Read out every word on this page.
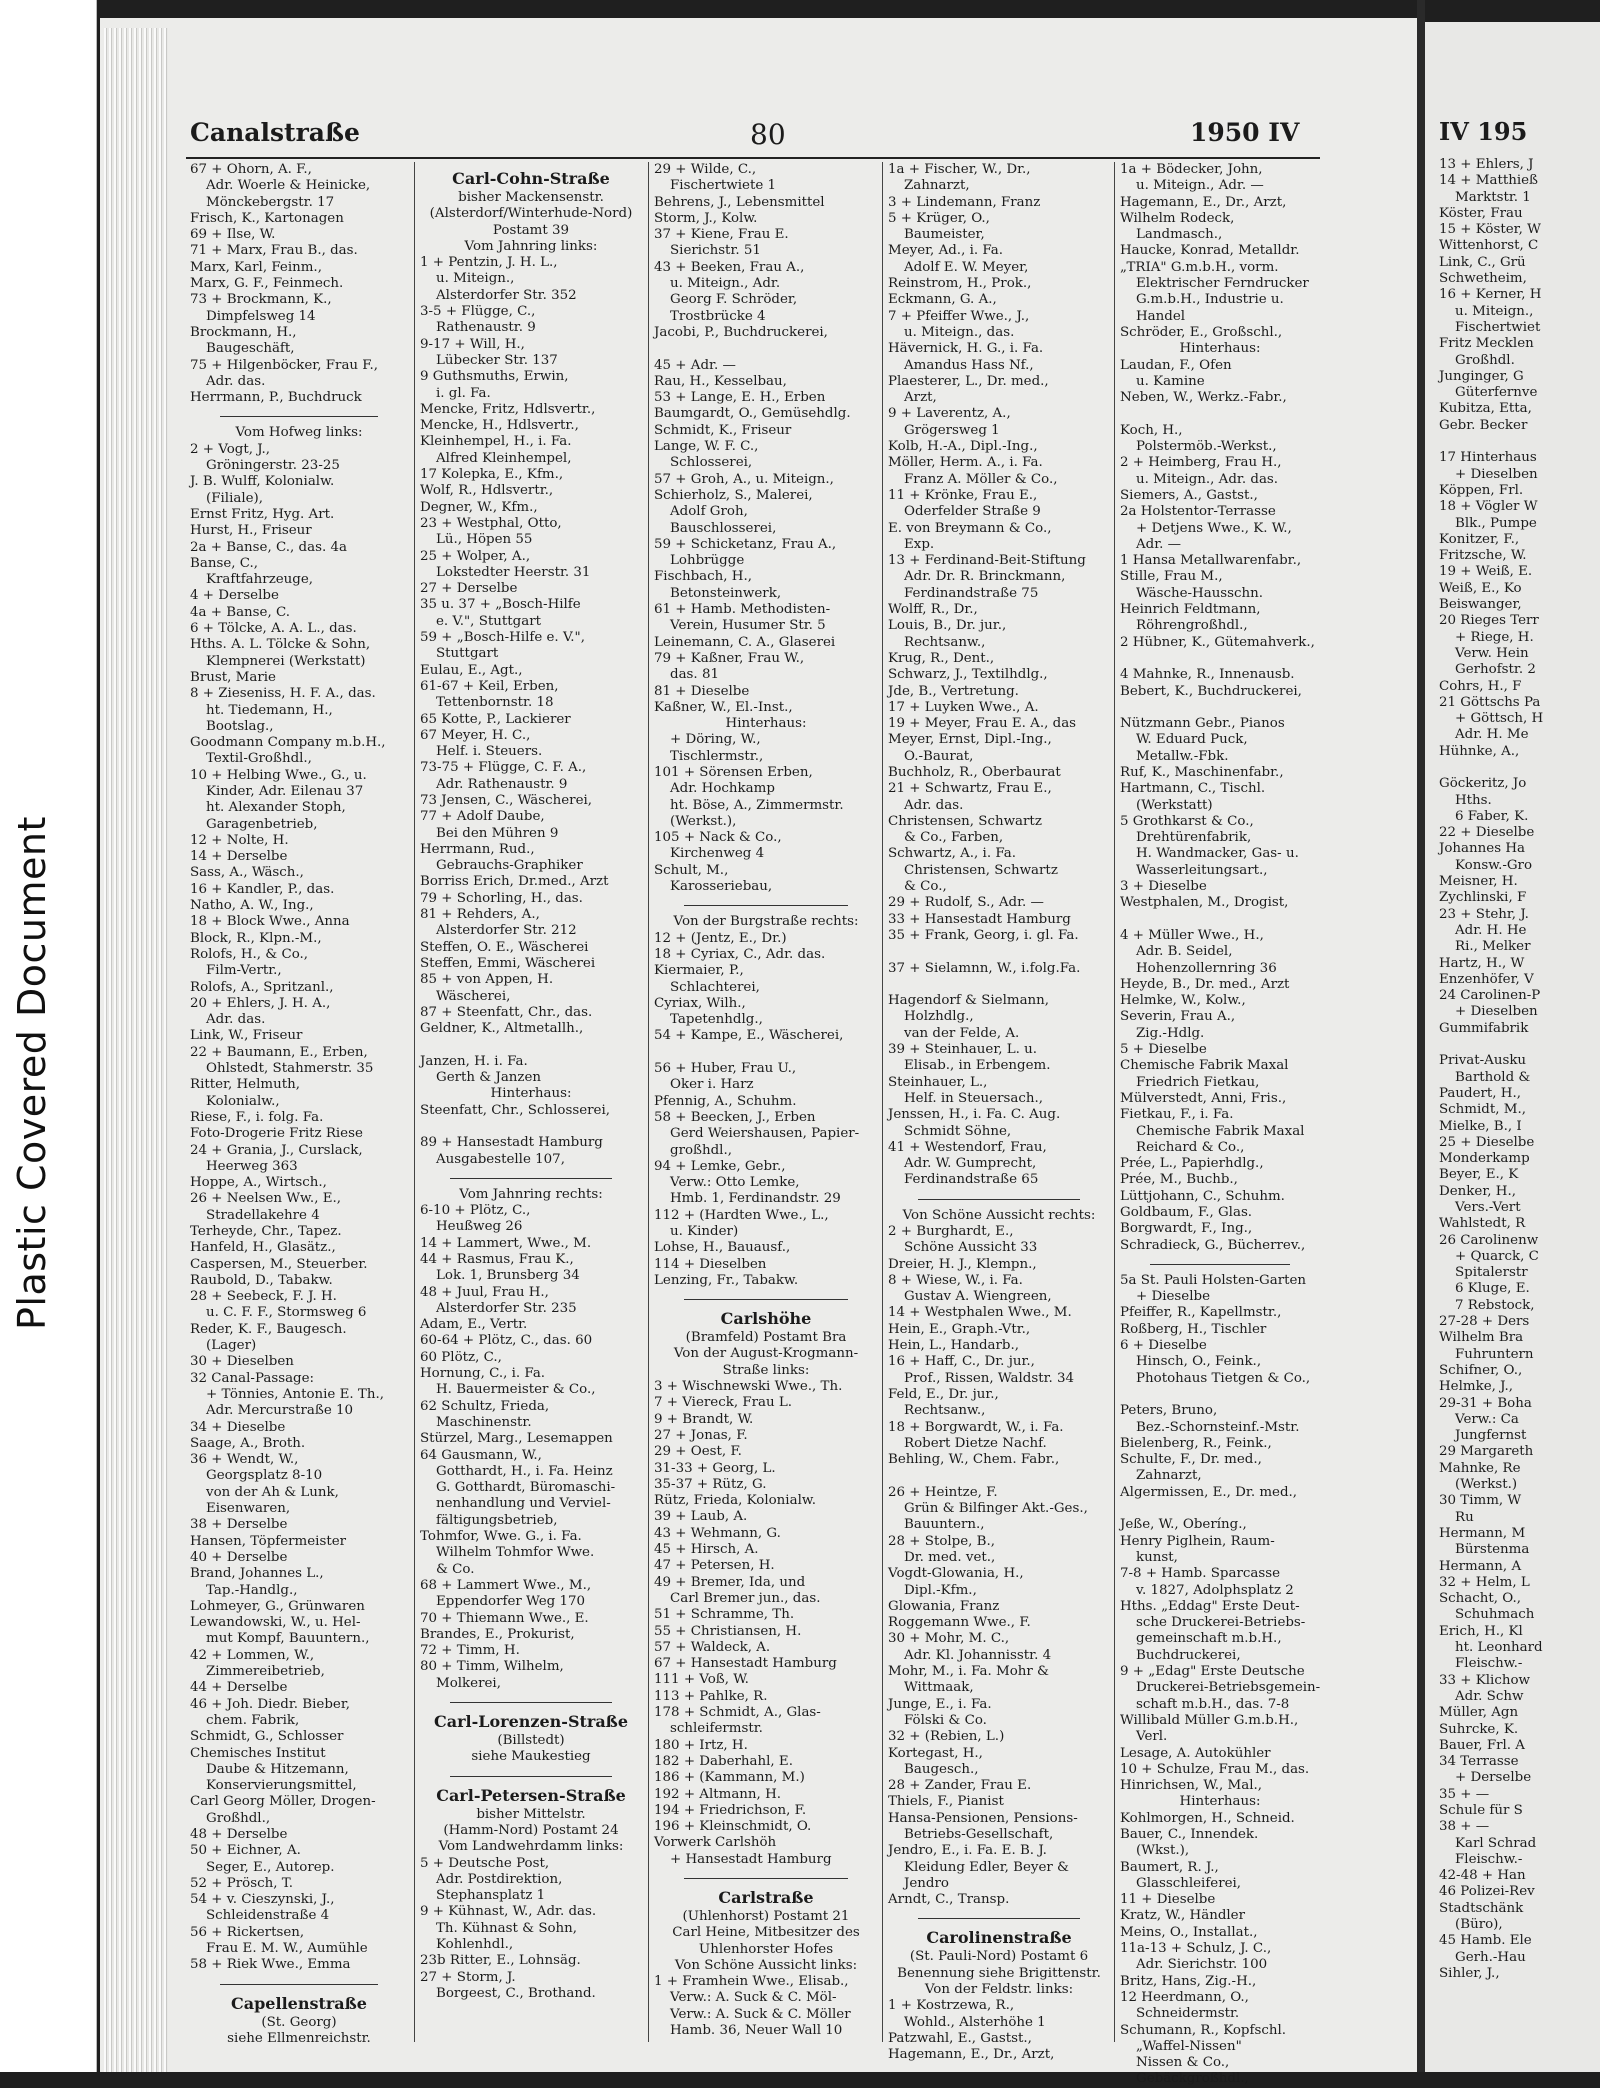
Plastic Covered Document
IV 195
13 + Ehlers, J
14 + Matthieß
Marktstr. 1
Köster, Frau
15 + Köster, W
Wittenhorst, C
Link, C., Grü
Schwetheim,
16 + Kerner, H
u. Miteign.,
Fischertwiet
Fritz Mecklen
Großhdl.
Junginger, G
Güterfernve
Kubitza, Etta,
Gebr. Becker

17 Hinterhaus
+ Dieselben
Köppen, Frl.
18 + Vögler W
Blk., Pumpe
Konitzer, F.,
Fritzsche, W.
19 + Weiß, E.
Weiß, E., Ko
Beiswanger,
20 Rieges Terr
+ Riege, H.
Verw. Hein
Gerhofstr. 2
Cohrs, H., F
21 Göttschs Pa
+ Göttsch, H
Adr. H. Me
Hühnke, A.,

Göckeritz, Jo
Hths.
6 Faber, K.
22 + Dieselbe
Johannes Ha
Konsw.-Gro
Meisner, H.
Zychlinski, F
23 + Stehr, J.
Adr. H. He
Ri., Melker
Hartz, H., W
Enzenhöfer, V
24 Carolinen-P
+ Dieselben
Gummifabrik

Privat-Ausku
Barthold &
Paudert, H.,
Schmidt, M.,
Mielke, B., I
25 + Dieselbe
Monderkamp
Beyer, E., K
Denker, H.,
Vers.-Vert
Wahlstedt, R
26 Carolinenw
+ Quarck, C
Spitalerstr
6 Kluge, E.
7 Rebstock,
27-28 + Ders
Wilhelm Bra
Fuhruntern
Schifner, O.,
Helmke, J.,
29-31 + Boha
Verw.: Ca
Jungfernst
29 Margareth
Mahnke, Re
(Werkst.)
30 Timm, W
Ru
Hermann, M
Bürstenma
Hermann, A
32 + Helm, L
Schacht, O.,
Schuhmach
Erich, H., Kl
ht. Leonhard
Fleischw.-
33 + Klichow
Adr. Schw
Müller, Agn
Suhrcke, K.
Bauer, Frl. A
34 Terrasse
+ Derselbe
35 + —
Schule für S
38 + —
Karl Schrad
Fleischw.-
42-48 + Han
46 Polizei-Rev
Stadtschänk
(Büro),
45 Hamb. Ele
Gerh.-Hau
Sihler, J.,
Canalstraße	80	1950 IV
67 + Ohorn, A. F.,
Adr. Woerle & Heinicke,
Mönckebergstr. 17
Frisch, K., Kartonagen
69 + Ilse, W.
71 + Marx, Frau B., das.
Marx, Karl, Feinm.,
Marx, G. F., Feinmech.
73 + Brockmann, K.,
Dimpfelsweg 14
Brockmann, H.,
Baugeschäft,
75 + Hilgenböcker, Frau F.,
Adr. das.
Herrmann, P., Buchdruck
Vom Hofweg links:
2 + Vogt, J.,
Gröningerstr. 23-25
J. B. Wulff, Kolonialw.
(Filiale),
Ernst Fritz, Hyg. Art.
Hurst, H., Friseur
2a + Banse, C., das. 4a
Banse, C.,
Kraftfahrzeuge,
4 + Derselbe
4a + Banse, C.
6 + Tölcke, A. A. L., das.
Hths. A. L. Tölcke & Sohn,
Klempnerei (Werkstatt)
Brust, Marie
8 + Zieseniss, H. F. A., das.
ht. Tiedemann, H.,
Bootslag.,
Goodmann Company m.b.H.,
Textil-Großhdl.,
10 + Helbing Wwe., G., u.
Kinder, Adr. Eilenau 37
ht. Alexander Stoph,
Garagenbetrieb,
12 + Nolte, H.
14 + Derselbe
Sass, A., Wäsch.,
16 + Kandler, P., das.
Natho, A. W., Ing.,
18 + Block Wwe., Anna
Block, R., Klpn.-M.,
Rolofs, H., & Co.,
Film-Vertr.,
Rolofs, A., Spritzanl.,
20 + Ehlers, J. H. A.,
Adr. das.
Link, W., Friseur
22 + Baumann, E., Erben,
Ohlstedt, Stahmerstr. 35
Ritter, Helmuth,
Kolonialw.,
Riese, F., i. folg. Fa.
Foto-Drogerie Fritz Riese
24 + Grania, J., Curslack,
Heerweg 363
Hoppe, A., Wirtsch.,
26 + Neelsen Ww., E.,
Stradellakehre 4
Terheyde, Chr., Tapez.
Hanfeld, H., Glasätz.,
Caspersen, M., Steuerber.
Raubold, D., Tabakw.
28 + Seebeck, F. J. H.
u. C. F. F., Stormsweg 6
Reder, K. F., Baugesch.
(Lager)
30 + Dieselben
32 Canal-Passage:
+ Tönnies, Antonie E. Th.,
Adr. Mercurstraße 10
34 + Dieselbe
Saage, A., Broth.
36 + Wendt, W.,
Georgsplatz 8-10
von der Ah & Lunk,
Eisenwaren,
38 + Derselbe
Hansen, Töpfermeister
40 + Derselbe
Brand, Johannes L.,
Tap.-Handlg.,
Lohmeyer, G., Grünwaren
Lewandowski, W., u. Hel-
mut Kompf, Bauuntern.,
42 + Lommen, W.,
Zimmereibetrieb,
44 + Derselbe
46 + Joh. Diedr. Bieber,
chem. Fabrik,
Schmidt, G., Schlosser
Chemisches Institut
Daube & Hitzemann,
Konservierungsmittel,
Carl Georg Möller, Drogen-
Großhdl.,
48 + Derselbe
50 + Eichner, A.
Seger, E., Autorep.
52 + Prösch, T.
54 + v. Cieszynski, J.,
Schleidenstraße 4
56 + Rickertsen,
Frau E. M. W., Aumühle
58 + Riek Wwe., Emma
Capellenstraße
(St. Georg)
siehe Ellmenreichstr.
Carl-Cohn-Straße
bisher Mackensenstr.
(Alsterdorf/Winterhude-Nord)
Postamt 39
Vom Jahnring links:
1 + Pentzin, J. H. L.,
u. Miteign.,
Alsterdorfer Str. 352
3-5 + Flügge, C.,
Rathenaustr. 9
9-17 + Will, H.,
Lübecker Str. 137
9 Guthsmuths, Erwin,
i. gl. Fa.
Mencke, Fritz, Hdlsvertr.,
Mencke, H., Hdlsvertr.,
Kleinhempel, H., i. Fa.
Alfred Kleinhempel,
17 Kolepka, E., Kfm.,
Wolf, R., Hdlsvertr.,
Degner, W., Kfm.,
23 + Westphal, Otto,
Lü., Höpen 55
25 + Wolper, A.,
Lokstedter Heerstr. 31
27 + Derselbe
35 u. 37 + „Bosch-Hilfe
e. V.", Stuttgart
59 + „Bosch-Hilfe e. V.",
Stuttgart
Eulau, E., Agt.,
61-67 + Keil, Erben,
Tettenbornstr. 18
65 Kotte, P., Lackierer
67 Meyer, H. C.,
Helf. i. Steuers.
73-75 + Flügge, C. F. A.,
Adr. Rathenaustr. 9
73 Jensen, C., Wäscherei,
77 + Adolf Daube,
Bei den Mühren 9
Herrmann, Rud.,
Gebrauchs-Graphiker
Borriss Erich, Dr.med., Arzt
79 + Schorling, H., das.
81 + Rehders, A.,
Alsterdorfer Str. 212
Steffen, O. E., Wäscherei
Steffen, Emmi, Wäscherei
85 + von Appen, H.
Wäscherei,
87 + Steenfatt, Chr., das.
Geldner, K., Altmetallh.,

Janzen, H. i. Fa.
Gerth & Janzen
Hinterhaus:
Steenfatt, Chr., Schlosserei,

89 + Hansestadt Hamburg
Ausgabestelle 107,
Vom Jahnring rechts:
6-10 + Plötz, C.,
Heußweg 26
14 + Lammert, Wwe., M.
44 + Rasmus, Frau K.,
Lok. 1, Brunsberg 34
48 + Juul, Frau H.,
Alsterdorfer Str. 235
Adam, E., Vertr.
60-64 + Plötz, C., das. 60
60 Plötz, C.,
Hornung, C., i. Fa.
H. Bauermeister & Co.,
62 Schultz, Frieda,
Maschinenstr.
Stürzel, Marg., Lesemappen
64 Gausmann, W.,
Gotthardt, H., i. Fa. Heinz
G. Gotthardt, Büromaschi-
nenhandlung und Verviel-
fältigungsbetrieb,
Tohmfor, Wwe. G., i. Fa.
Wilhelm Tohmfor Wwe.
& Co.
68 + Lammert Wwe., M.,
Eppendorfer Weg 170
70 + Thiemann Wwe., E.
Brandes, E., Prokurist,
72 + Timm, H.
80 + Timm, Wilhelm,
Molkerei,
Carl-Lorenzen-Straße
(Billstedt)
siehe Maukestieg
Carl-Petersen-Straße
bisher Mittelstr.
(Hamm-Nord) Postamt 24
Vom Landwehrdamm links:
5 + Deutsche Post,
Adr. Postdirektion,
Stephansplatz 1
9 + Kühnast, W., Adr. das.
Th. Kühnast & Sohn,
Kohlenhdl.,
23b Ritter, E., Lohnsäg.
27 + Storm, J.
Borgeest, C., Brothand.
29 + Wilde, C.,
Fischertwiete 1
Behrens, J., Lebensmittel
Storm, J., Kolw.
37 + Kiene, Frau E.
Sierichstr. 51
43 + Beeken, Frau A.,
u. Miteign., Adr.
Georg F. Schröder,
Trostbrücke 4
Jacobi, P., Buchdruckerei,

45 + Adr. —
Rau, H., Kesselbau,
53 + Lange, E. H., Erben
Baumgardt, O., Gemüsehdlg.
Schmidt, K., Friseur
Lange, W. F. C.,
Schlosserei,
57 + Groh, A., u. Miteign.,
Schierholz, S., Malerei,
Adolf Groh,
Bauschlosserei,
59 + Schicketanz, Frau A.,
Lohbrügge
Fischbach, H.,
Betonsteinwerk,
61 + Hamb. Methodisten-
Verein, Husumer Str. 5
Leinemann, C. A., Glaserei
79 + Kaßner, Frau W.,
das. 81
81 + Dieselbe
Kaßner, W., El.-Inst.,
Hinterhaus:
+ Döring, W.,
Tischlermstr.,
101 + Sörensen Erben,
Adr. Hochkamp
ht. Böse, A., Zimmermstr.
(Werkst.),
105 + Nack & Co.,
Kirchenweg 4
Schult, M.,
Karosseriebau,
Von der Burgstraße rechts:
12 + (Jentz, E., Dr.)
18 + Cyriax, C., Adr. das.
Kiermaier, P.,
Schlachterei,
Cyriax, Wilh.,
Tapetenhdlg.,
54 + Kampe, E., Wäscherei,

56 + Huber, Frau U.,
Oker i. Harz
Pfennig, A., Schuhm.
58 + Beecken, J., Erben
Gerd Weiershausen, Papier-
großhdl.,
94 + Lemke, Gebr.,
Verw.: Otto Lemke,
Hmb. 1, Ferdinandstr. 29
112 + (Hardten Wwe., L.,
u. Kinder)
Lohse, H., Bauausf.,
114 + Dieselben
Lenzing, Fr., Tabakw.
Carlshöhe
(Bramfeld) Postamt Bra
Von der August-Krogmann-
Straße links:
3 + Wischnewski Wwe., Th.
7 + Viereck, Frau L.
9 + Brandt, W.
27 + Jonas, F.
29 + Oest, F.
31-33 + Georg, L.
35-37 + Rütz, G.
Rütz, Frieda, Kolonialw.
39 + Laub, A.
43 + Wehmann, G.
45 + Hirsch, A.
47 + Petersen, H.
49 + Bremer, Ida, und
Carl Bremer jun., das.
51 + Schramme, Th.
55 + Christiansen, H.
57 + Waldeck, A.
67 + Hansestadt Hamburg
111 + Voß, W.
113 + Pahlke, R.
178 + Schmidt, A., Glas-
schleifermstr.
180 + Irtz, H.
182 + Daberhahl, E.
186 + (Kammann, M.)
192 + Altmann, H.
194 + Friedrichson, F.
196 + Kleinschmidt, O.
Vorwerk Carlshöh
+ Hansestadt Hamburg
Carlstraße
(Uhlenhorst) Postamt 21
Carl Heine, Mitbesitzer des
Uhlenhorster Hofes
Von Schöne Aussicht links:
1 + Framhein Wwe., Elisab.,
Verw.: A. Suck & C. Möl-
Verw.: A. Suck & C. Möller
Hamb. 36, Neuer Wall 10
1a + Fischer, W., Dr.,
Zahnarzt,
3 + Lindemann, Franz
5 + Krüger, O.,
Baumeister,
Meyer, Ad., i. Fa.
Adolf E. W. Meyer,
Reinstrom, H., Prok.,
Eckmann, G. A.,
7 + Pfeiffer Wwe., J.,
u. Miteign., das.
Hävernick, H. G., i. Fa.
Amandus Hass Nf.,
Plaesterer, L., Dr. med.,
Arzt,
9 + Laverentz, A.,
Grögersweg 1
Kolb, H.-A., Dipl.-Ing.,
Möller, Herm. A., i. Fa.
Franz A. Möller & Co.,
11 + Krönke, Frau E.,
Oderfelder Straße 9
E. von Breymann & Co.,
Exp.
13 + Ferdinand-Beit-Stiftung
Adr. Dr. R. Brinckmann,
Ferdinandstraße 75
Wolff, R., Dr.,
Louis, B., Dr. jur.,
Rechtsanw.,
Krug, R., Dent.,
Schwarz, J., Textilhdlg.,
Jde, B., Vertretung.
17 + Luyken Wwe., A.
19 + Meyer, Frau E. A., das
Meyer, Ernst, Dipl.-Ing.,
O.-Baurat,
Buchholz, R., Oberbaurat
21 + Schwartz, Frau E.,
Adr. das.
Christensen, Schwartz
& Co., Farben,
Schwartz, A., i. Fa.
Christensen, Schwartz
& Co.,
29 + Rudolf, S., Adr. —
33 + Hansestadt Hamburg
35 + Frank, Georg, i. gl. Fa.

37 + Sielamnn, W., i.folg.Fa.

Hagendorf & Sielmann,
Holzhdlg.,
van der Felde, A.
39 + Steinhauer, L. u.
Elisab., in Erbengem.
Steinhauer, L.,
Helf. in Steuersach.,
Jenssen, H., i. Fa. C. Aug.
Schmidt Söhne,
41 + Westendorf, Frau,
Adr. W. Gumprecht,
Ferdinandstraße 65
Von Schöne Aussicht rechts:
2 + Burghardt, E.,
Schöne Aussicht 33
Dreier, H. J., Klempn.,
8 + Wiese, W., i. Fa.
Gustav A. Wiengreen,
14 + Westphalen Wwe., M.
Hein, E., Graph.-Vtr.,
Hein, L., Handarb.,
16 + Haff, C., Dr. jur.,
Prof., Rissen, Waldstr. 34
Feld, E., Dr. jur.,
Rechtsanw.,
18 + Borgwardt, W., i. Fa.
Robert Dietze Nachf.
Behling, W., Chem. Fabr.,

26 + Heintze, F.
Grün & Bilfinger Akt.-Ges.,
Bauuntern.,
28 + Stolpe, B.,
Dr. med. vet.,
Vogdt-Glowania, H.,
Dipl.-Kfm.,
Glowania, Franz
Roggemann Wwe., F.
30 + Mohr, M. C.,
Adr. Kl. Johannisstr. 4
Mohr, M., i. Fa. Mohr &
Wittmaak,
Junge, E., i. Fa.
Fölski & Co.
32 + (Rebien, L.)
Kortegast, H.,
Baugesch.,
28 + Zander, Frau E.
Thiels, F., Pianist
Hansa-Pensionen, Pensions-
Betriebs-Gesellschaft,
Jendro, E., i. Fa. E. B. J.
Kleidung Edler, Beyer &
Jendro
Arndt, C., Transp.
Carolinenstraße
(St. Pauli-Nord) Postamt 6
Benennung siehe Brigittenstr.
Von der Feldstr. links:
1 + Kostrzewa, R.,
Wohld., Alsterhöhe 1
Patzwahl, E., Gastst.,
Hagemann, E., Dr., Arzt,
1a + Bödecker, John,
u. Miteign., Adr. —
Hagemann, E., Dr., Arzt,
Wilhelm Rodeck,
Landmasch.,
Haucke, Konrad, Metalldr.
„TRIA" G.m.b.H., vorm.
Elektrischer Ferndrucker
G.m.b.H., Industrie u.
Handel
Schröder, E., Großschl.,
Hinterhaus:
Laudan, F., Ofen
u. Kamine
Neben, W., Werkz.-Fabr.,

Koch, H.,
Polstermöb.-Werkst.,
2 + Heimberg, Frau H.,
u. Miteign., Adr. das.
Siemers, A., Gastst.,
2a Holstentor-Terrasse
+ Detjens Wwe., K. W.,
Adr. —
1 Hansa Metallwarenfabr.,
Stille, Frau M.,
Wäsche-Hausschn.
Heinrich Feldtmann,
Röhrengroßhdl.,
2 Hübner, K., Gütemahverk.,

4 Mahnke, R., Innenausb.
Bebert, K., Buchdruckerei,

Nützmann Gebr., Pianos
W. Eduard Puck,
Metallw.-Fbk.
Ruf, K., Maschinenfabr.,
Hartmann, C., Tischl.
(Werkstatt)
5 Grothkarst & Co.,
Drehtürenfabrik,
H. Wandmacker, Gas- u.
Wasserleitungsart.,
3 + Dieselbe
Westphalen, M., Drogist,

4 + Müller Wwe., H.,
Adr. B. Seidel,
Hohenzollernring 36
Heyde, B., Dr. med., Arzt
Helmke, W., Kolw.,
Severin, Frau A.,
Zig.-Hdlg.
5 + Dieselbe
Chemische Fabrik Maxal
Friedrich Fietkau,
Mülverstedt, Anni, Fris.,
Fietkau, F., i. Fa.
Chemische Fabrik Maxal
Reichard & Co.,
Prée, L., Papierhdlg.,
Prée, M., Buchb.,
Lüttjohann, C., Schuhm.
Goldbaum, F., Glas.
Borgwardt, F., Ing.,
Schradieck, G., Bücherrev.,
5a St. Pauli Holsten-Garten
+ Dieselbe
Pfeiffer, R., Kapellmstr.,
Roßberg, H., Tischler
6 + Dieselbe
Hinsch, O., Feink.,
Photohaus Tietgen & Co.,

Peters, Bruno,
Bez.-Schornsteinf.-Mstr.
Bielenberg, R., Feink.,
Schulte, F., Dr. med.,
Zahnarzt,
Algermissen, E., Dr. med.,

Jeße, W., Oberíng.,
Henry Piglhein, Raum-
kunst,
7-8 + Hamb. Sparcasse
v. 1827, Adolphsplatz 2
Hths. „Eddag" Erste Deut-
sche Druckerei-Betriebs-
gemeinschaft m.b.H.,
Buchdruckerei,
9 + „Edag" Erste Deutsche
Druckerei-Betriebsgemein-
schaft m.b.H., das. 7-8
Willibald Müller G.m.b.H.,
Verl.
Lesage, A. Autokühler
10 + Schulze, Frau M., das.
Hinrichsen, W., Mal.,
Hinterhaus:
Kohlmorgen, H., Schneid.
Bauer, C., Innendek.
(Wkst.),
Baumert, R. J.,
Glasschleiferei,
11 + Dieselbe
Kratz, W., Händler
Meins, O., Installat.,
11a-13 + Schulz, J. C.,
Adr. Sierichstr. 100
Britz, Hans, Zig.-H.,
12 Heerdmann, O.,
Schneidermstr.
Schumann, R., Kopfschl.
„Waffel-Nissen"
Nissen & Co.,
Gebäckgroßhdl.,
